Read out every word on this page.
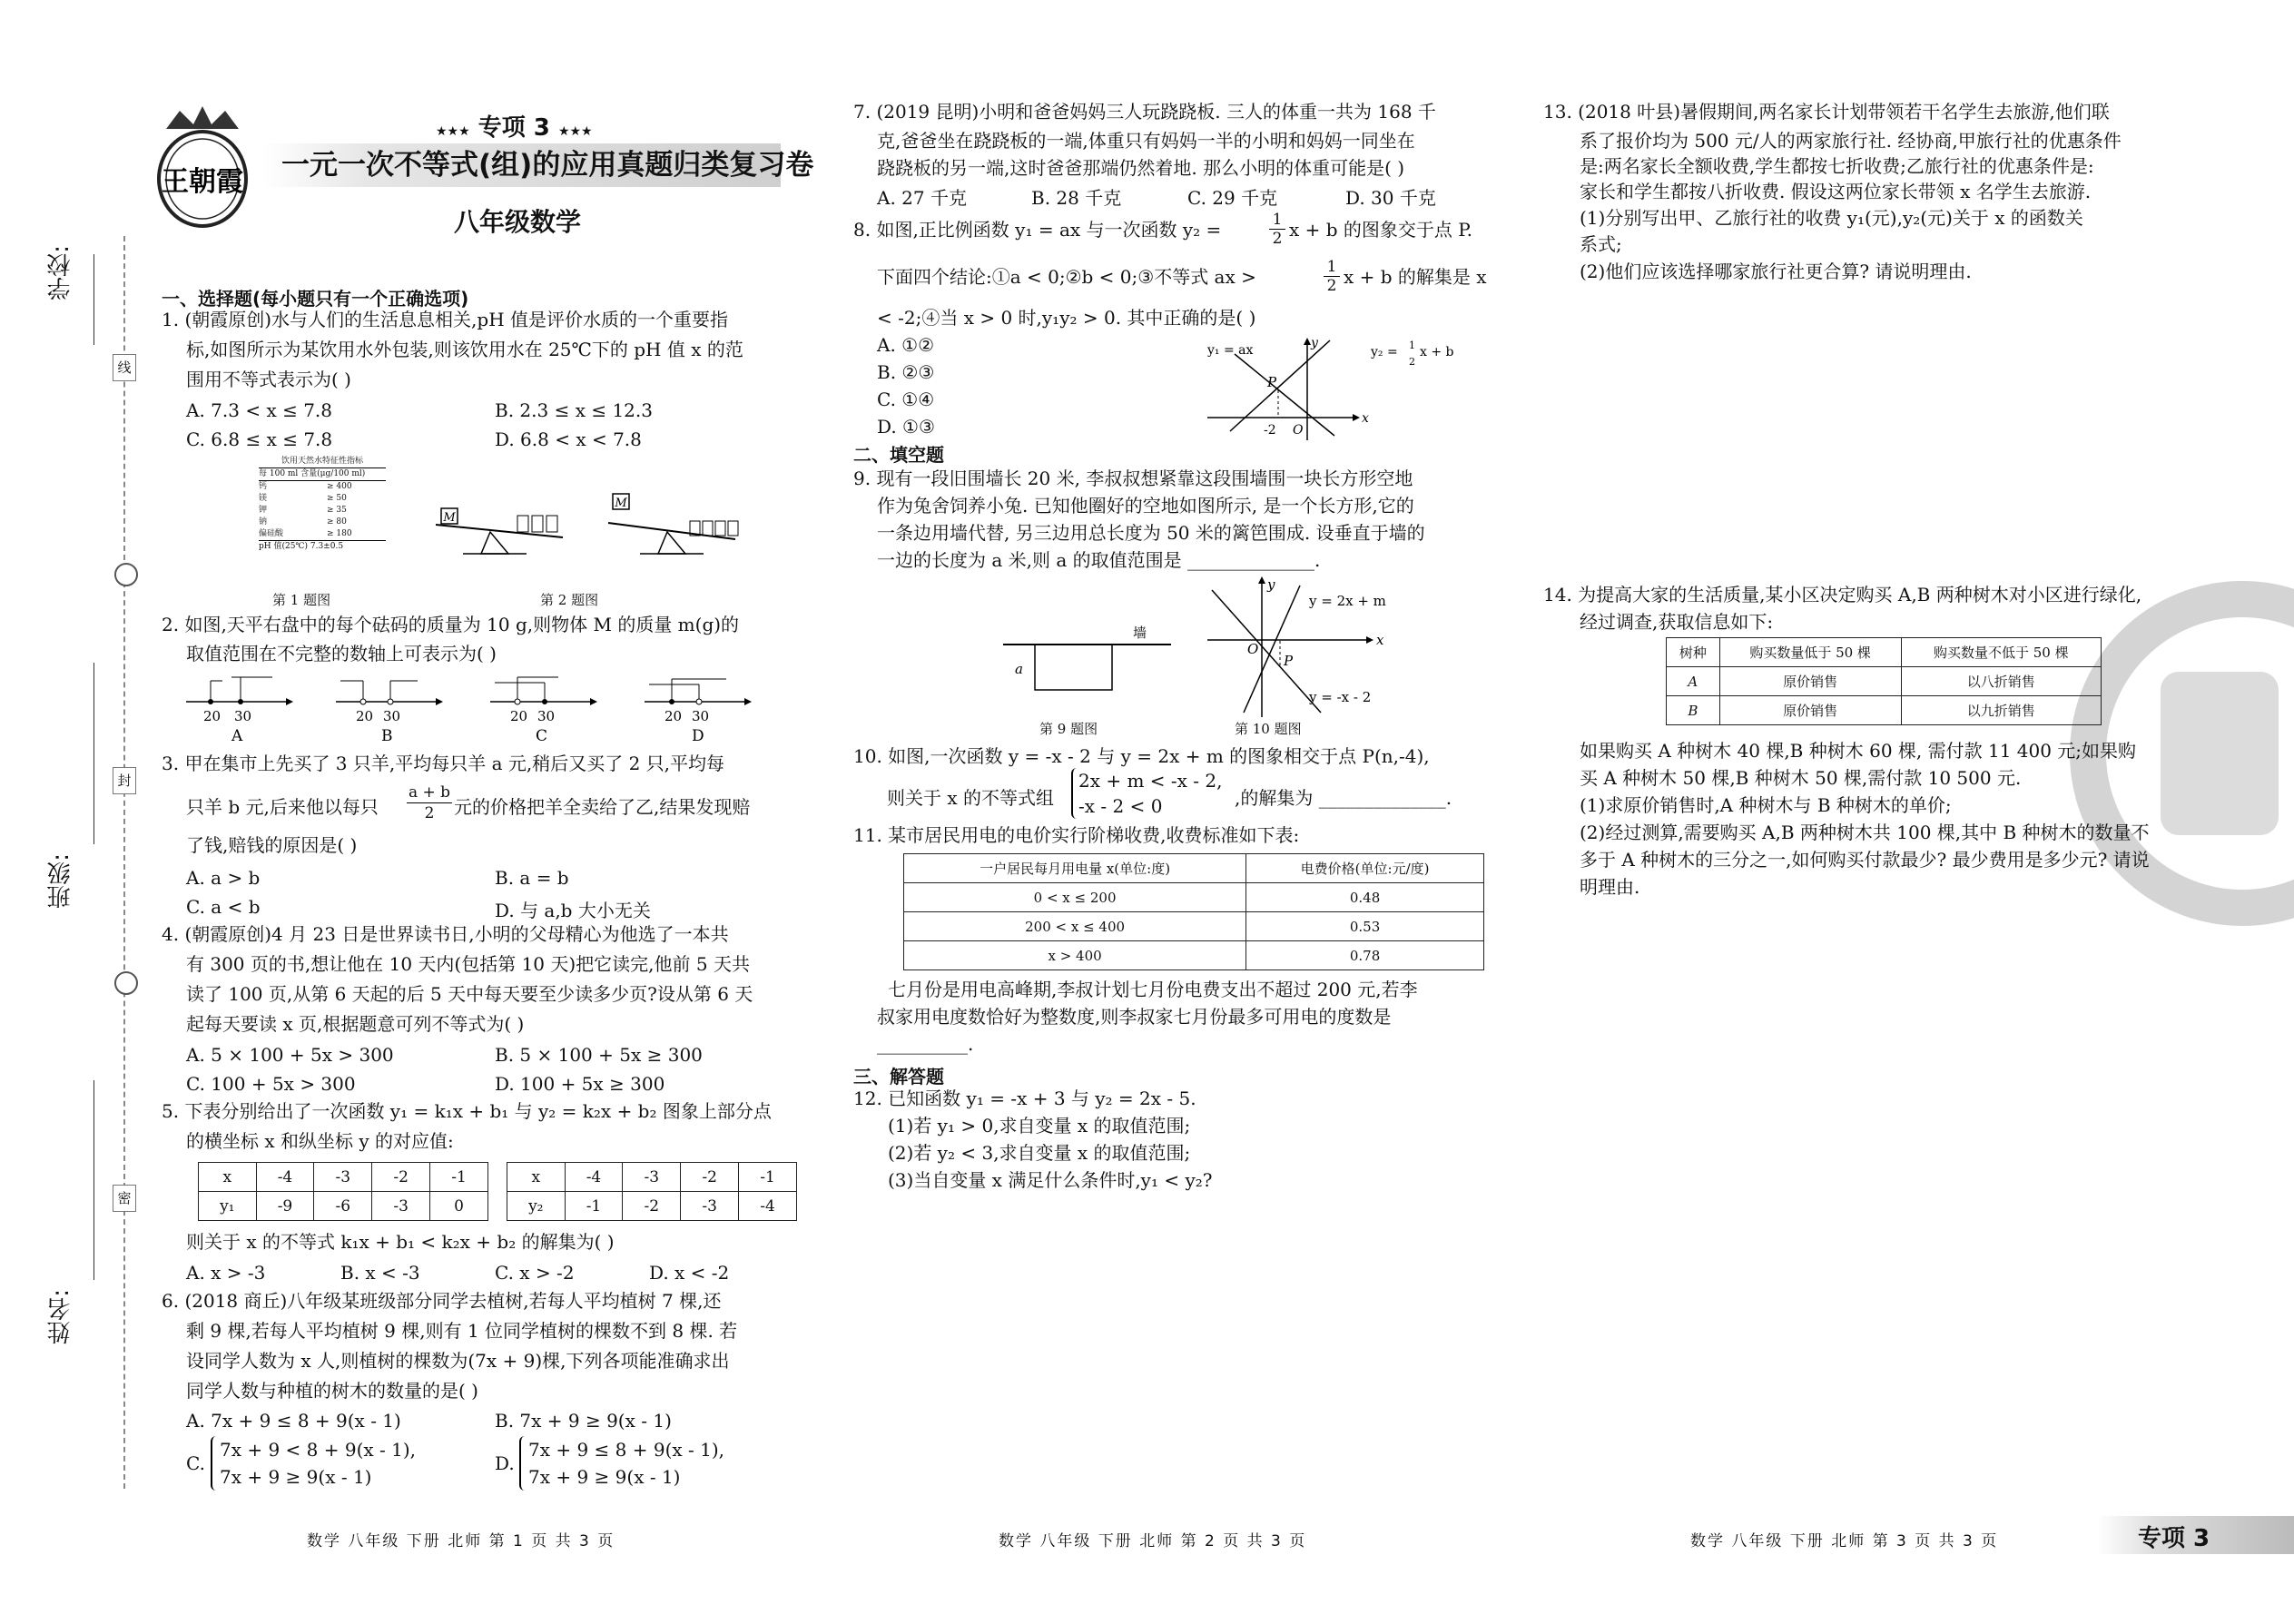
学校:
班级:
姓名:
线
封
密
王朝霞
★★★ 专项 3 ★★★
一元一次不等式(组)的应用真题归类复习卷
八年级数学
一、选择题(每小题只有一个正确选项)
1. (朝霞原创)水与人们的生活息息相关,pH 值是评价水质的一个重要指
标,如图所示为某饮用水外包装,则该饮用水在 25℃下的 pH 值 x 的范
围用不等式表示为( )
A. 7.3 < x ≤ 7.8	B. 2.3 ≤ x ≤ 12.3
C. 6.8 ≤ x ≤ 7.8	D. 6.8 < x < 7.8
饮用天然水特征性指标
每 100 ml 含量(μg/100 ml)
钙	≥ 400
镁	≥ 50
钾	≥ 35
钠	≥ 80
偏硅酸	≥ 180
pH 值(25℃) 7.3±0.5
第 1 题图
M
M
第 2 题图
2. 如图,天平右盘中的每个砝码的质量为 10 g,则物体 M 的质量 m(g)的
取值范围在不完整的数轴上可表示为( )
20 30
A
20 30
B
20 30
C
20 30
D
3. 甲在集市上先买了 3 只羊,平均每只羊 a 元,稍后又买了 2 只,平均每
只羊 b 元,后来他以每只
a + b
2	元的价格把羊全卖给了乙,结果发现赔
了钱,赔钱的原因是( )
A. a > b	B. a = b
C. a < b	D. 与 a,b 大小无关
4. (朝霞原创)4 月 23 日是世界读书日,小明的父母精心为他选了一本共
有 300 页的书,想让他在 10 天内(包括第 10 天)把它读完,他前 5 天共
读了 100 页,从第 6 天起的后 5 天中每天要至少读多少页?设从第 6 天
起每天要读 x 页,根据题意可列不等式为( )
A. 5 × 100 + 5x > 300	B. 5 × 100 + 5x ≥ 300
C. 100 + 5x > 300	D. 100 + 5x ≥ 300
5. 下表分别给出了一次函数 y₁ = k₁x + b₁ 与 y₂ = k₂x + b₂ 图象上部分点
的横坐标 x 和纵坐标 y 的对应值:
x	-4	-3	-2	-1
y₁	-9	-6	-3	0
x	-4	-3	-2	-1
y₂	-1	-2	-3	-4
则关于 x 的不等式 k₁x + b₁ < k₂x + b₂ 的解集为( )
A. x > -3	B. x < -3	C. x > -2	D. x < -2
6. (2018 商丘)八年级某班级部分同学去植树,若每人平均植树 7 棵,还
剩 9 棵,若每人平均植树 9 棵,则有 1 位同学植树的棵数不到 8 棵. 若
设同学人数为 x 人,则植树的棵数为(7x + 9)棵,下列各项能准确求出
同学人数与种植的树木的数量的是( )
A. 7x + 9 ≤ 8 + 9(x - 1)	B. 7x + 9 ≥ 9(x - 1)
C.
7x + 9 < 8 + 9(x - 1),
7x + 9 ≥ 9(x - 1)
D.
7x + 9 ≤ 8 + 9(x - 1),
7x + 9 ≥ 9(x - 1)
7. (2019 昆明)小明和爸爸妈妈三人玩跷跷板. 三人的体重一共为 168 千
克,爸爸坐在跷跷板的一端,体重只有妈妈一半的小明和妈妈一同坐在
跷跷板的另一端,这时爸爸那端仍然着地. 那么小明的体重可能是( )
A. 27 千克	B. 28 千克	C. 29 千克	D. 30 千克
8. 如图,正比例函数 y₁ = ax 与一次函数 y₂ =	1
2 x + b 的图象交于点 P.
下面四个结论:①a < 0;②b < 0;③不等式 ax >	1
2 x + b 的解集是 x
< -2;④当 x > 0 时,y₁y₂ > 0. 其中正确的是( )
A. ①②
B. ②③
C. ①④
D. ①③
y₁ = ax	y₂ = 1
2
x + b
P
-2 O
x
y
二、填空题
9. 现有一段旧围墙长 20 米, 李叔叔想紧靠这段围墙围一块长方形空地
作为兔舍饲养小兔. 已知他圈好的空地如图所示, 是一个长方形,它的
一条边用墙代替, 另三边用总长度为 50 米的篱笆围成. 设垂直于墙的
一边的长度为 a 米,则 a 的取值范围是 ______________.
墙
a
第 9 题图
y = 2x + m
y = -x - 2
O
P
x
y
第 10 题图
10. 如图,一次函数 y = -x - 2 与 y = 2x + m 的图象相交于点 P(n,-4),
则关于 x 的不等式组
2x + m < -x - 2,
-x - 2 < 0	,的解集为 ______________.
11. 某市居民用电的电价实行阶梯收费,收费标准如下表:
一户居民每月用电量 x(单位:度)	电费价格(单位:元/度)
0 < x ≤ 200	0.48
200 < x ≤ 400	0.53
x > 400	0.78
七月份是用电高峰期,李叔计划七月份电费支出不超过 200 元,若李
叔家用电度数恰好为整数度,则李叔家七月份最多可用电的度数是
__________.
三、解答题
12. 已知函数 y₁ = -x + 3 与 y₂ = 2x - 5.
(1)若 y₁ > 0,求自变量 x 的取值范围;
(2)若 y₂ < 3,求自变量 x 的取值范围;
(3)当自变量 x 满足什么条件时,y₁ < y₂?
13. (2018 叶县)暑假期间,两名家长计划带领若干名学生去旅游,他们联
系了报价均为 500 元/人的两家旅行社. 经协商,甲旅行社的优惠条件
是:两名家长全额收费,学生都按七折收费;乙旅行社的优惠条件是:
家长和学生都按八折收费. 假设这两位家长带领 x 名学生去旅游.
(1)分别写出甲、乙旅行社的收费 y₁(元),y₂(元)关于 x 的函数关
系式;
(2)他们应该选择哪家旅行社更合算? 请说明理由.
14. 为提高大家的生活质量,某小区决定购买 A,B 两种树木对小区进行绿化,
经过调查,获取信息如下:
树种	购买数量低于 50 棵	购买数量不低于 50 棵
A	原价销售	以八折销售
B	原价销售	以九折销售
如果购买 A 种树木 40 棵,B 种树木 60 棵, 需付款 11 400 元;如果购
买 A 种树木 50 棵,B 种树木 50 棵,需付款 10 500 元.
(1)求原价销售时,A 种树木与 B 种树木的单价;
(2)经过测算,需要购买 A,B 两种树木共 100 棵,其中 B 种树木的数量不
多于 A 种树木的三分之一,如何购买付款最少? 最少费用是多少元? 请说
明理由.
数学 八年级 下册 北师 第 1 页 共 3 页	数学 八年级 下册 北师 第 2 页 共 3 页	数学 八年级 下册 北师 第 3 页 共 3 页	专项 3
